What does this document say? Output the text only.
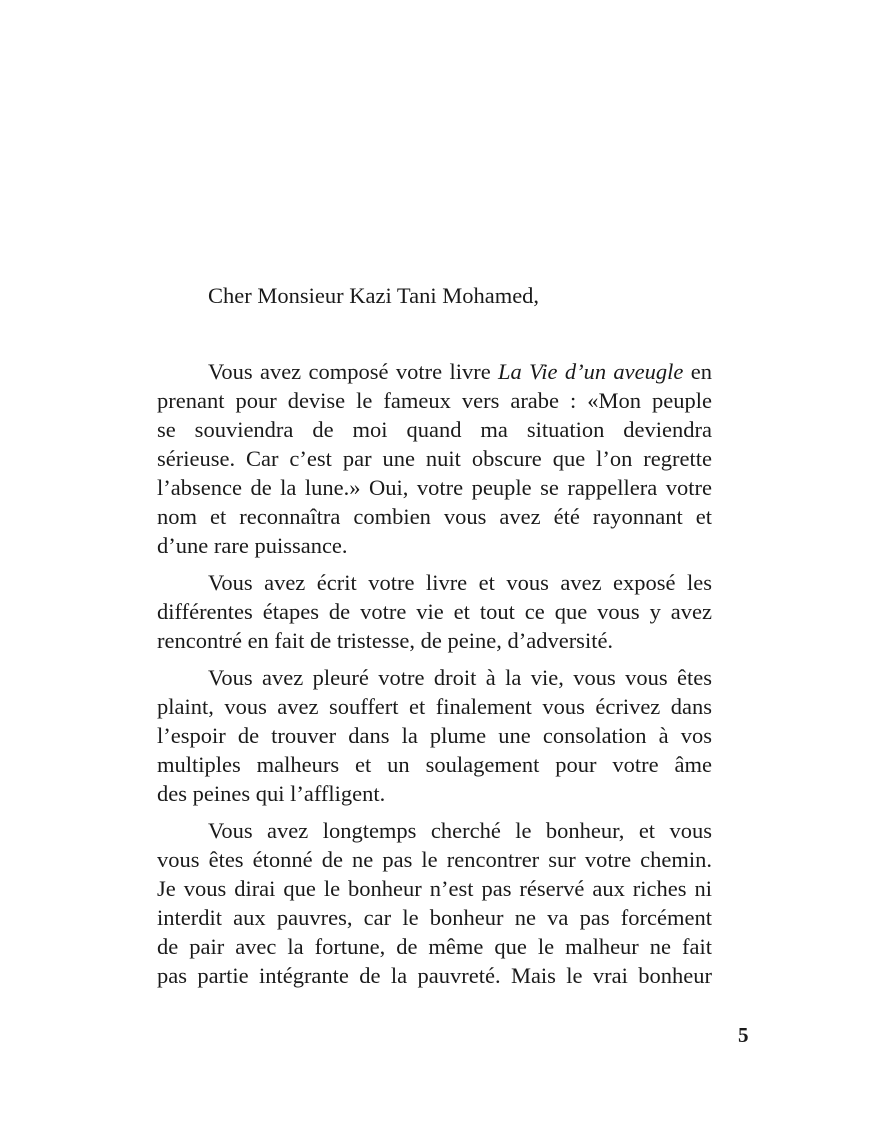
Cher Monsieur Kazi Tani Mohamed,
Vous avez composé votre livre La Vie d’un aveugle en
prenant pour devise le fameux vers arabe : «Mon peuple
se souviendra de moi quand ma situation deviendra
sérieuse. Car c’est par une nuit obscure que l’on regrette
l’absence de la lune.» Oui, votre peuple se rappellera votre
nom et reconnaîtra combien vous avez été rayonnant et
d’une rare puissance.
Vous avez écrit votre livre et vous avez exposé les
différentes étapes de votre vie et tout ce que vous y avez
rencontré en fait de tristesse, de peine, d’adversité.
Vous avez pleuré votre droit à la vie, vous vous êtes
plaint, vous avez souffert et finalement vous écrivez dans
l’espoir de trouver dans la plume une consolation à vos
multiples malheurs et un soulagement pour votre âme
des peines qui l’affligent.
Vous avez longtemps cherché le bonheur, et vous
vous êtes étonné de ne pas le rencontrer sur votre chemin.
Je vous dirai que le bonheur n’est pas réservé aux riches ni
interdit aux pauvres, car le bonheur ne va pas forcément
de pair avec la fortune, de même que le malheur ne fait
pas partie intégrante de la pauvreté. Mais le vrai bonheur
5
